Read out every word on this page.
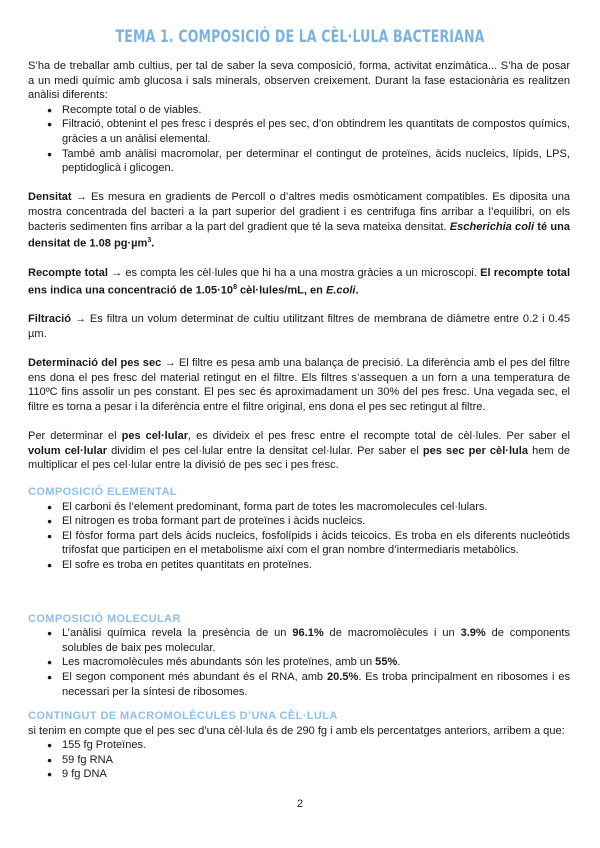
TEMA 1. COMPOSICIÓ DE LA CÈL·LULA BACTERIANA

S’ha de treballar amb cultius, per tal de saber la seva composició, forma, activitat enzimàtica... S’ha de posar a un medi químic amb glucosa i sals minerals, observen creixement. Durant la fase estacionària es realitzen anàlisi diferents:

● Recompte total o de viables.
● Filtració, obtenint el pes fresc i després el pes sec, d’on obtindrem les quantitats de compostos químics, gràcies a un anàlisi elemental.
● També amb anàlisi macromolar, per determinar el contingut de proteïnes, àcids nucleics, lípids, LPS, peptidoglicà i glicogen.

Densitat → Es mesura en gradients de Percoll o d’altres medis osmòticament compatibles. Es diposita una mostra concentrada del bacteri a la part superior del gradient i es centrifuga fins arribar a l’equilibri, on els bacteris sedimenten fins arribar a la part del gradient que té la seva mateixa densitat. Escherichia coli té una densitat de 1.08 pg·µm$^3$.

Recompte total → es compta les cèl·lules que hi ha a una mostra gràcies a un microscopi. El recompte total ens indica una concentració de $1.05\cdot 10^8$ cèl·lules/mL, en E.coli.

Filtració → Es filtra un volum determinat de cultiu utilitzant filtres de membrana de diàmetre entre 0.2 i 0.45 µm.

Determinació del pes sec → El filtre es pesa amb una balança de precisió. La diferència amb el pes del filtre ens dona el pes fresc del material retingut en el filtre. Els filtres s’assequen a un forn a una temperatura de 110ºC fins assolir un pes constant. El pes sec és aproximadament un 30% del pes fresc. Una vegada sec, el filtre es torna a pesar i la diferència entre el filtre original, ens dona el pes sec retingut al filtre.

Per determinar el pes cel·lular, es divideix el pes fresc entre el recompte total de cèl·lules. Per saber el volum cel·lular dividim el pes cel·lular entre la densitat cel·lular. Per saber el pes sec per cèl·lula hem de multiplicar el pes cel·lular entre la divisió de pes sec i pes fresc.

COMPOSICIÓ ELEMENTAL
● El carboni és l’element predominant, forma part de totes les macromolecules cel·lulars.
● El nitrogen es troba formant part de proteïnes i àcids nucleics.
● El fòsfor forma part dels àcids nucleics, fosfolípids i àcids teicoics. Es troba en els diferents nucleòtids trifosfat que participen en el metabolisme així com el gran nombre d’intermediaris metabòlics.
● El sofre es troba en petites quantitats en proteïnes.
COMPOSICIÓ MOLECULAR
● L’anàlisi química revela la presència de un 96.1% de macromolècules i un 3.9% de components solubles de baix pes molecular.
● Les macromolècules més abundants són les proteïnes, amb un 55%.
● El segon component més abundant és el RNA, amb 20.5%. Es troba principalment en ribosomes i es necessari per la síntesi de ribosomes.
CONTINGUT DE MACROMOLÈCULES D’UNA CÈL·LULA

si tenim en compte que el pes sec d’una cèl·lula és de 290 fg i amb els percentatges anteriors, arribem a que:

● 155 fg Proteïnes.
● 59 fg RNA
● 9 fg DNA
2
